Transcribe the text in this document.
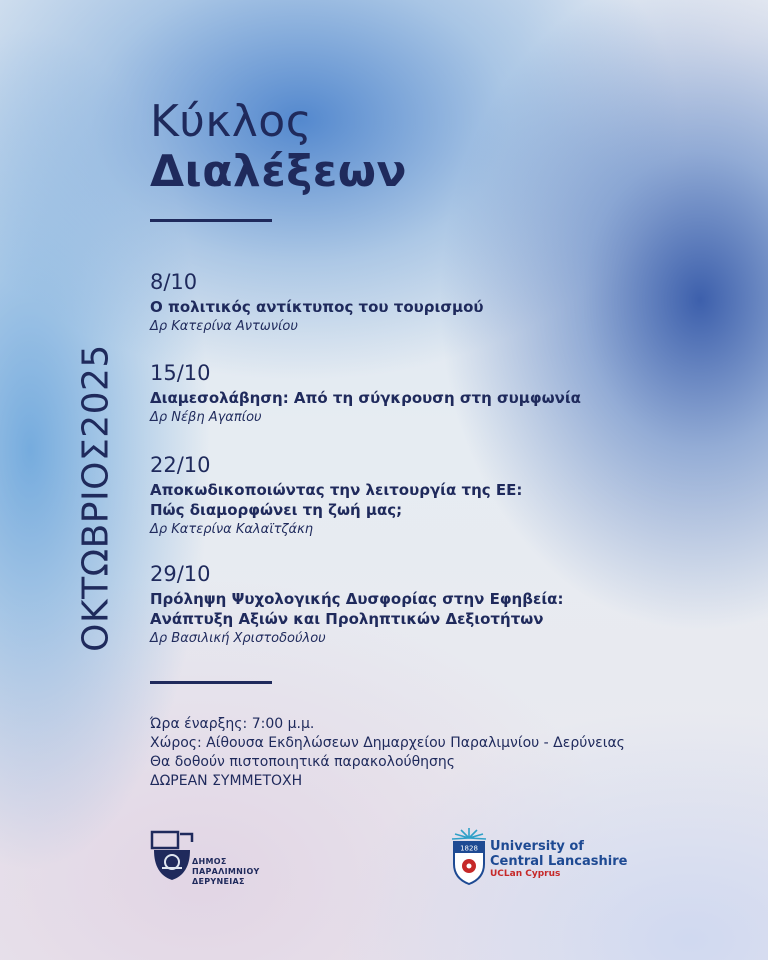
Κύκλος
Διαλέξεων
ΟΚΤΩΒΡΙΟΣ2025
8/10
Ο πολιτικός αντίκτυπος του τουρισμού
Δρ Κατερίνα Αντωνίου
15/10
Διαμεσολάβηση: Από τη σύγκρουση στη συμφωνία
Δρ Νέβη Αγαπίου
22/10
Αποκωδικοποιώντας την λειτουργία της ΕΕ:
Πώς διαμορφώνει τη ζωή μας;
Δρ Κατερίνα Καλαϊτζάκη
29/10
Πρόληψη Ψυχολογικής Δυσφορίας στην Εφηβεία:
Ανάπτυξη Αξιών και Προληπτικών Δεξιοτήτων
Δρ Βασιλική Χριστοδούλου
Ώρα έναρξης: 7:00 μ.μ.
Χώρος: Αίθουσα Εκδηλώσεων Δημαρχείου Παραλιμνίου - Δερύνειας
Θα δοθούν πιστοποιητικά παρακολούθησης
ΔΩΡΕΑΝ ΣΥΜΜΕΤΟΧΗ
ΔΗΜΟΣ
ΠΑΡΑΛΙΜΝΙΟΥ
ΔΕΡΥΝΕΙΑΣ
1828 University of
Central Lancashire
UCLan Cyprus
